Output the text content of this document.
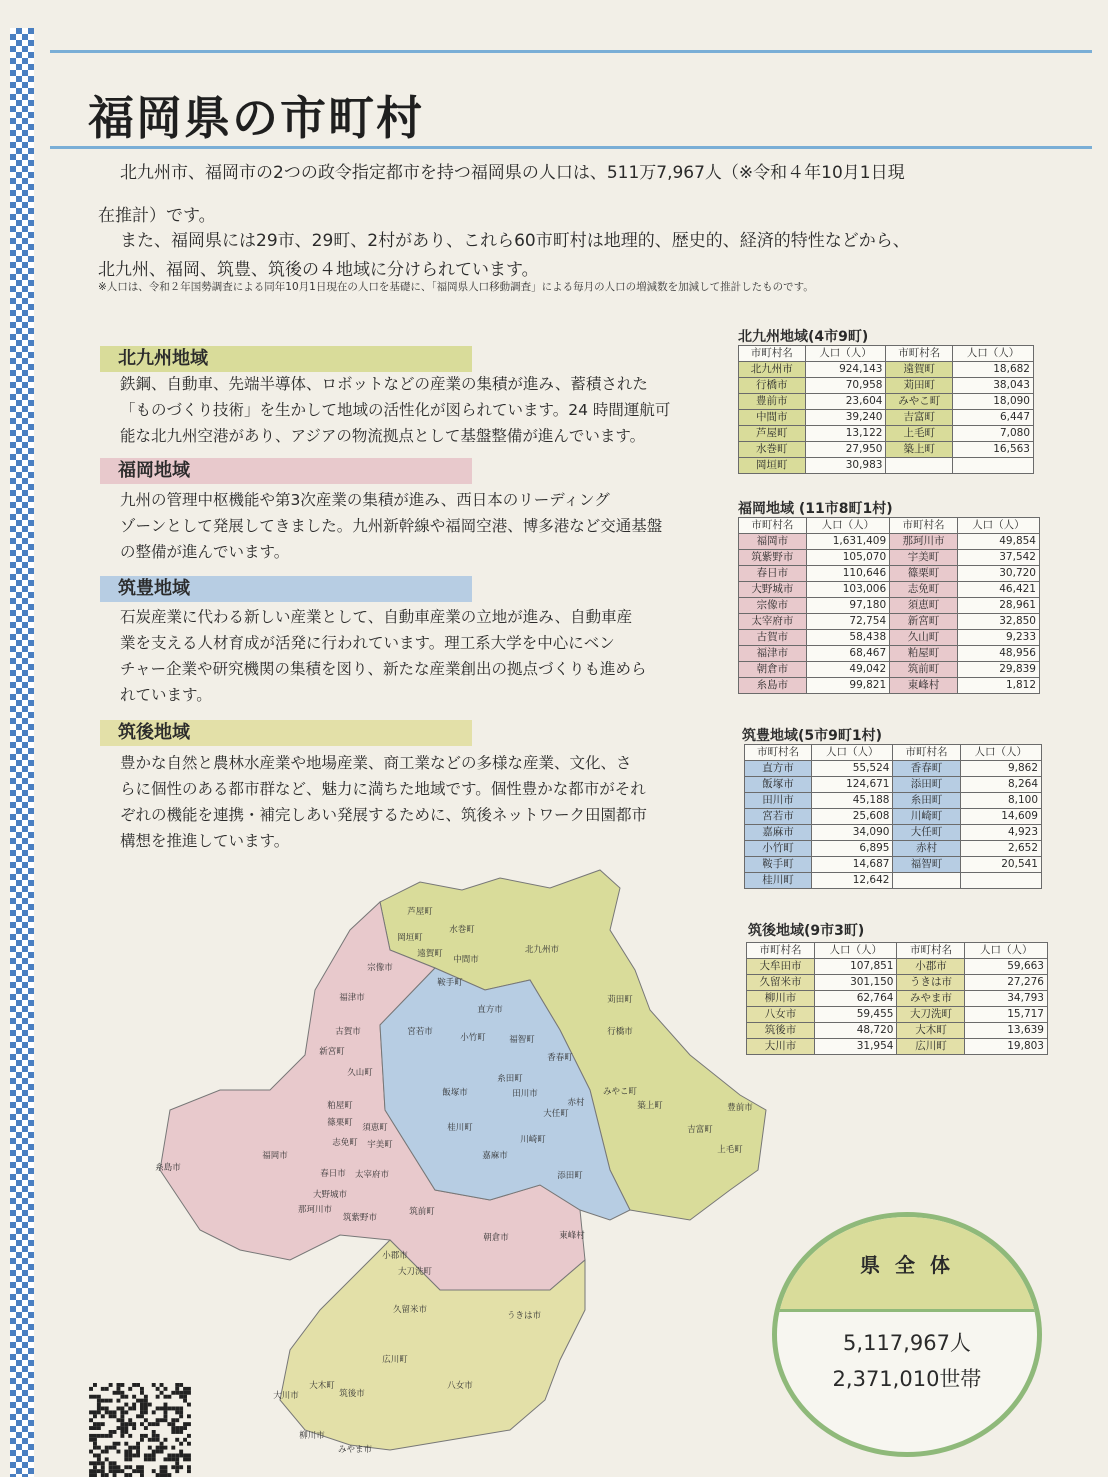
福岡県の市町村
北九州市、福岡市の2つの政令指定都市を持つ福岡県の人口は、511万7,967人（※令和４年10月1日現
在推計）です。
また、福岡県には29市、29町、2村があり、これら60市町村は地理的、歴史的、経済的特性などから、
北九州、福岡、筑豊、筑後の４地域に分けられています。
※人口は、令和２年国勢調査による同年10月1日現在の人口を基礎に、「福岡県人口移動調査」による毎月の人口の増減数を加減して推計したものです。
北九州地域
鉄鋼、自動車、先端半導体、ロボットなどの産業の集積が進み、蓄積された
「ものづくり技術」を生かして地域の活性化が図られています。24 時間運航可
能な北九州空港があり、アジアの物流拠点として基盤整備が進んでいます。
福岡地域
九州の管理中枢機能や第3次産業の集積が進み、西日本のリーディング
ゾーンとして発展してきました。九州新幹線や福岡空港、博多港など交通基盤
の整備が進んでいます。
筑豊地域
石炭産業に代わる新しい産業として、自動車産業の立地が進み、自動車産
業を支える人材育成が活発に行われています。理工系大学を中心にベン
チャー企業や研究機関の集積を図り、新たな産業創出の拠点づくりも進めら
れています。
筑後地域
豊かな自然と農林水産業や地場産業、商工業などの多様な産業、文化、さ
らに個性のある都市群など、魅力に満ちた地域です。個性豊かな都市がそれ
ぞれの機能を連携・補完しあい発展するために、筑後ネットワーク田園都市
構想を推進しています。
北九州地域(4市9町)
市町村名	人口（人）	市町村名	人口（人）
北九州市	924,143	遠賀町	18,682
行橋市	70,958	苅田町	38,043
豊前市	23,604	みやこ町	18,090
中間市	39,240	吉富町	6,447
芦屋町	13,122	上毛町	7,080
水巻町	27,950	築上町	16,563
岡垣町	30,983		
福岡地域 (11市8町1村)
市町村名	人口（人）	市町村名	人口（人）
福岡市	1,631,409	那珂川市	49,854
筑紫野市	105,070	宇美町	37,542
春日市	110,646	篠栗町	30,720
大野城市	103,006	志免町	46,421
宗像市	97,180	須恵町	28,961
太宰府市	72,754	新宮町	32,850
古賀市	58,438	久山町	9,233
福津市	68,467	粕屋町	48,956
朝倉市	49,042	筑前町	29,839
糸島市	99,821	東峰村	1,812
筑豊地域(5市9町1村)
市町村名	人口（人）	市町村名	人口（人）
直方市	55,524	香春町	9,862
飯塚市	124,671	添田町	8,264
田川市	45,188	糸田町	8,100
宮若市	25,608	川崎町	14,609
嘉麻市	34,090	大任町	4,923
小竹町	6,895	赤村	2,652
鞍手町	14,687	福智町	20,541
桂川町	12,642		
筑後地域(9市3町)
市町村名	人口（人）	市町村名	人口（人）
大牟田市	107,851	小郡市	59,663
久留米市	301,150	うきは市	27,276
柳川市	62,764	みやま市	34,793
八女市	59,455	大刀洗町	15,717
筑後市	48,720	大木町	13,639
大川市	31,954	広川町	19,803
県 全 体
5,117,967人
2,371,010世帯
芦屋町
岡垣町
遠賀町
水巻町
中間市
北九州市
苅田町
行橋市
みやこ町
築上町	豊前市
吉富町
上毛町
宗像市
福津市
古賀市
新宮町
久山町
粕屋町
篠栗町
志免町
須恵町
宇美町
糸島市
福岡市
春日市 太宰府市
大野城市
那珂川市
筑紫野市
筑前町
朝倉市	東峰村
鞍手町
直方市
宮若市
小竹町	福智町
香春町
糸田町
田川市
赤村
大任町
飯塚市
桂川町
川崎町
嘉麻市
添田町
小郡市
大刀洗町
久留米市
うきは市
広川町
大木町
筑後市
大川市
八女市
柳川市
みやま市
